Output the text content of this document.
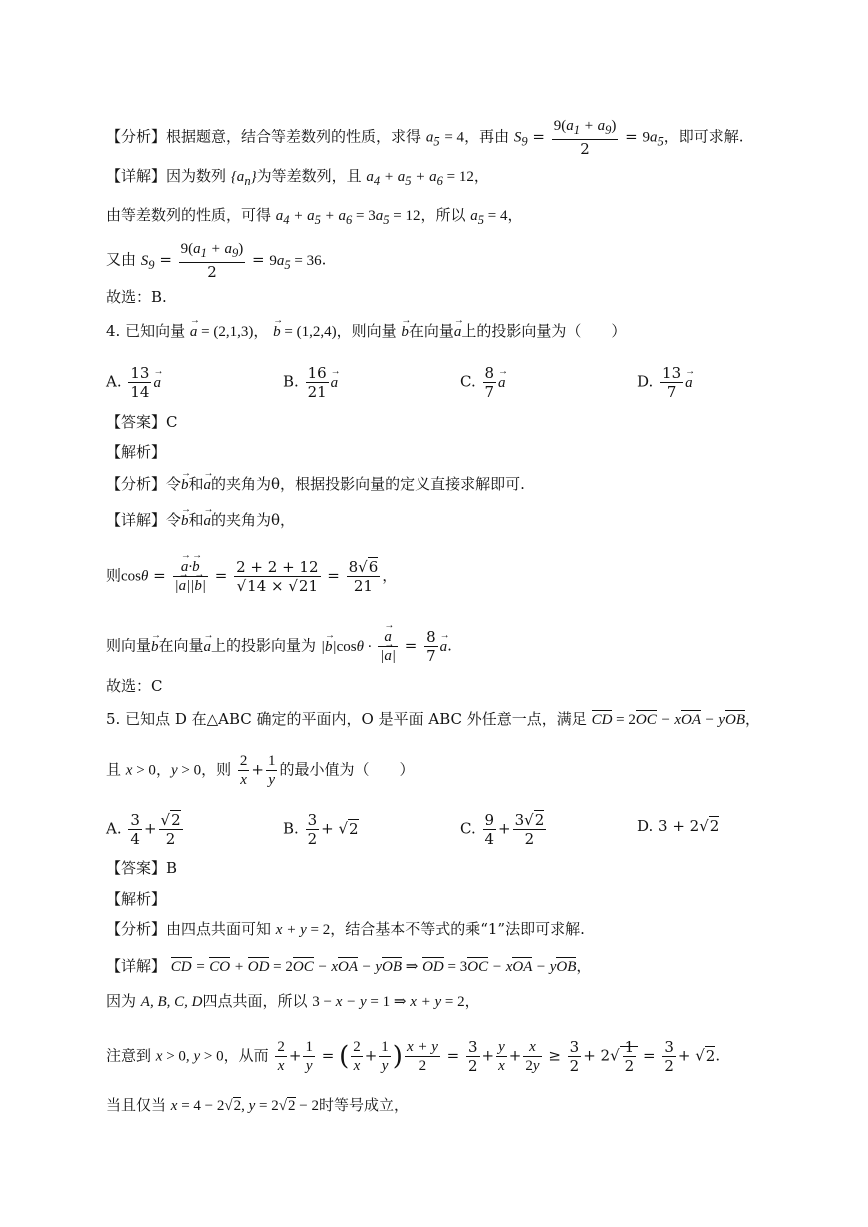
【分析】根据题意，结合等差数列的性质，求得 $a_5 = 4$，再由 $S_9 = \frac{9(a_1 + a_9)}{2} = 9a_5$，即可求解.
【详解】因为数列 $\{a_n\}$为等差数列，且 $a_4 + a_5 + a_6 = 12$，
由等差数列的性质，可得 $a_4 + a_5 + a_6 = 3a_5 = 12$，所以 $a_5 = 4$，
又由 $S_9 = \frac{9(a_1 + a_9)}{2} = 9a_5 = 36$.
故选：B.
4. 已知向量 → a = (2,1,3)， → b = (1,2,4)，则向量 → b在向量→ a上的投影向量为（　　）
A. $\frac{13}{14}$
→ a	B. $\frac{16}{21}$
→ a	C. $\frac{8}{7}$
→ a	D. $\frac{13}{7}$
→ a
【答案】C
【解析】
【分析】令→ b和→ a的夹角为θ，根据投影向量的定义直接求解即可.
【详解】令→ b和→ a的夹角为θ，
则cosθ =
→ $\frac{a\cdot\to b}{|\to a||\to b|} = \frac{2 + 2 + 12}{√14 \times √21} = \frac{8√6}{21}$ ，
则向量→ b在向量→ a上的投影向量为 |→ b|cosθ ·
→ $\frac{a}{|\to a|} = \frac{8}{7}$
→ a.
故选：C
5. 已知点 D 在△ABC 确定的平面内，O 是平面 ABC 外任意一点，满足 CD = 2OC − xOA − yOB，
且 x > 0，y > 0，则 $\frac{2}{x} + \frac{1}{y}$ 的最小值为（　　）
A. $\frac{3}{4} + \frac{√2}{2}$	B. $\frac{3}{2} + √2$	C. $\frac{9}{4} + \frac{3√2}{2}$	D. 3 + 2√2
【答案】B
【解析】
【分析】由四点共面可知 x + y = 2，结合基本不等式的乘“1”法即可求解.
【详解】 CD = CO + OD = 2OC − xOA − yOB ⇒ OD = 3OC − xOA − yOB，
因为 A, B, C, D四点共面，所以 3 − x − y = 1 ⇒ x + y = 2，
注意到 x > 0, y > 0，从而 $\frac{2}{x} + \frac{1}{y}$ = ( $\frac{2}{x} + \frac{1}{y}$ ) $\frac{x + y}{2} = \frac{3}{2} + \frac{y}{x} + \frac{x}{2y} \ge \frac{3}{2} + 2√ \frac{1}{2} = \frac{3}{2} + √2$.
当且仅当 x = 4 − 2√2, y = 2√2 − 2时等号成立，
